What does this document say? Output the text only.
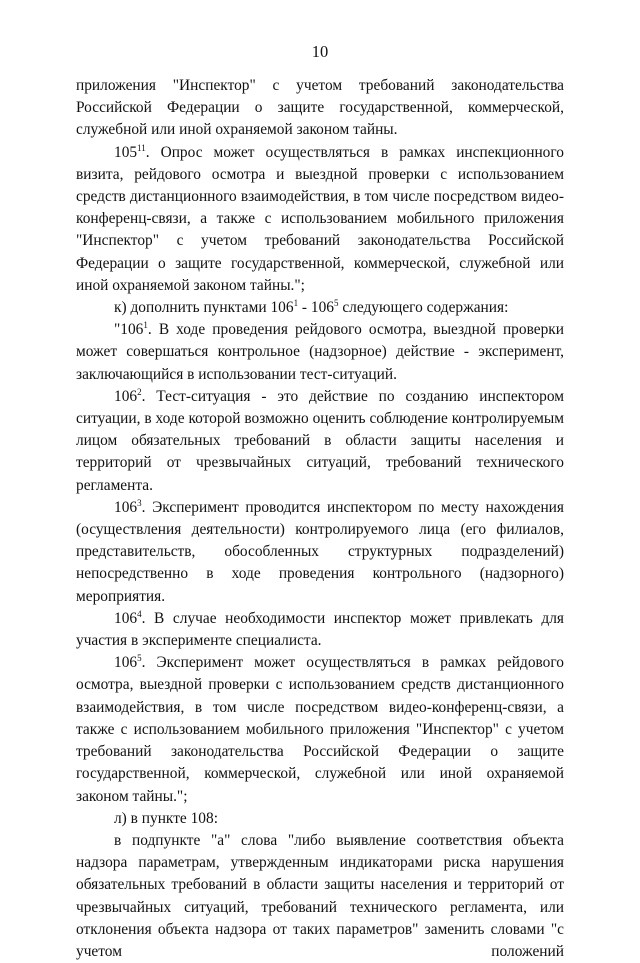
10

приложения "Инспектор" с учетом требований законодательства Российской Федерации о защите государственной, коммерческой, служебной или иной охраняемой законом тайны.

$105^{11}$. Опрос может осуществляться в рамках инспекционного визита, рейдового осмотра и выездной проверки с использованием средств дистанционного взаимодействия, в том числе посредством видео-конференц-связи, а также с использованием мобильного приложения "Инспектор" с учетом требований законодательства Российской Федерации о защите государственной, коммерческой, служебной или иной охраняемой законом тайны.";

к) дополнить пунктами $106^1 - 106^5$ следующего содержания:

"$106^1$. В ходе проведения рейдового осмотра, выездной проверки может совершаться контрольное (надзорное) действие - эксперимент, заключающийся в использовании тест-ситуаций.

$106^2$. Тест-ситуация - это действие по созданию инспектором ситуации, в ходе которой возможно оценить соблюдение контролируемым лицом обязательных требований в области защиты населения и территорий от чрезвычайных ситуаций, требований технического регламента.

$106^3$. Эксперимент проводится инспектором по месту нахождения (осуществления деятельности) контролируемого лица (его филиалов, представительств, обособленных структурных подразделений) непосредственно в ходе проведения контрольного (надзорного) мероприятия.

$106^4$. В случае необходимости инспектор может привлекать для участия в эксперименте специалиста.

$106^5$. Эксперимент может осуществляться в рамках рейдового осмотра, выездной проверки с использованием средств дистанционного взаимодействия, в том числе посредством видео-конференц-связи, а также с использованием мобильного приложения "Инспектор" с учетом требований законодательства Российской Федерации о защите государственной, коммерческой, служебной или иной охраняемой законом тайны.";

л) в пункте 108:

в подпункте "а" слова "либо выявление соответствия объекта надзора параметрам, утвержденным индикаторами риска нарушения обязательных требований в области защиты населения и территорий от чрезвычайных ситуаций, требований технического регламента, или отклонения объекта надзора от таких параметров" заменить словами "с учетом положений
